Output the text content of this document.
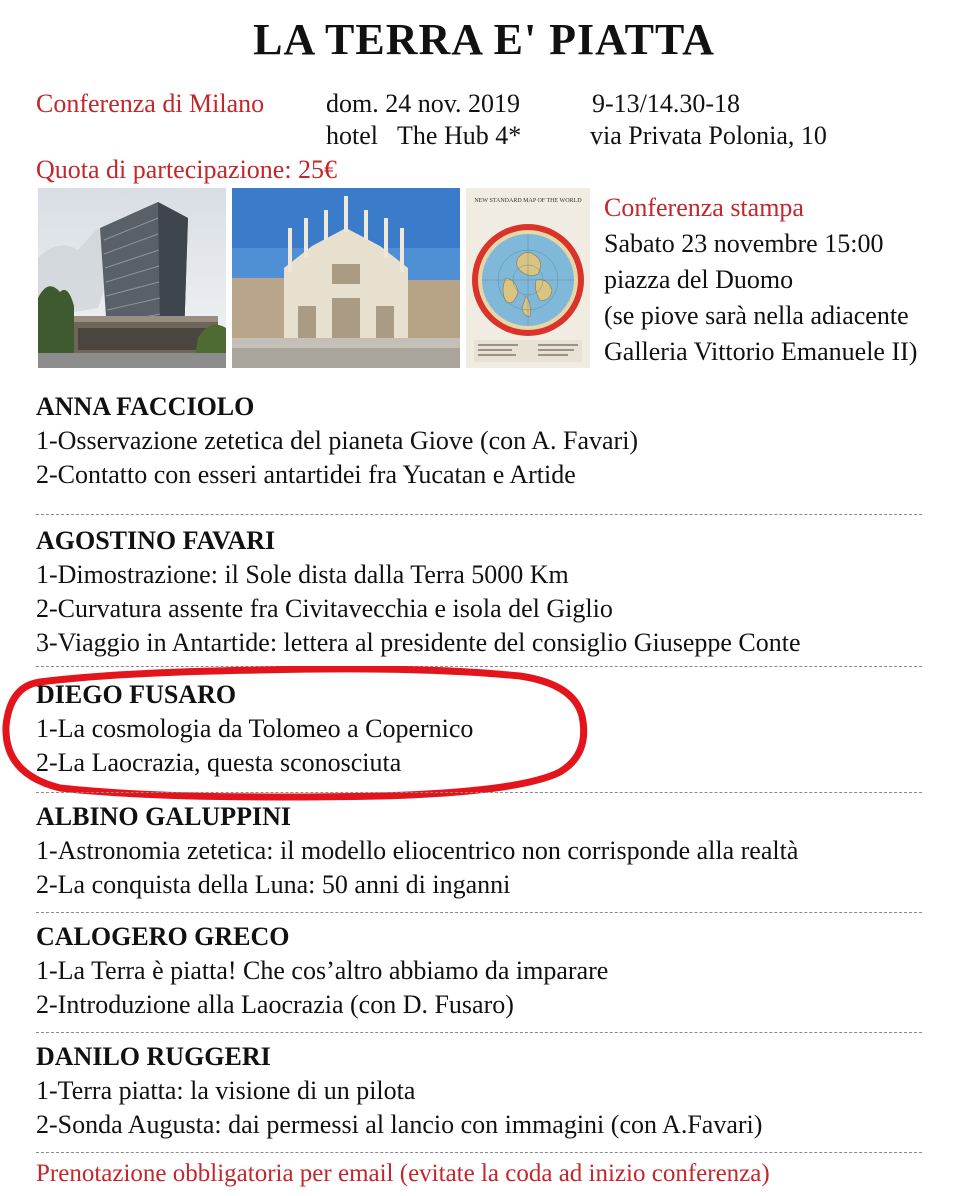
LA TERRA E' PIATTA
Conferenza di Milano dom. 24 nov. 2019	9-13/14.30-18
hotel   The Hub 4*	via Privata Polonia, 10
Quota di partecipazione: 25€
NEW STANDARD MAP OF THE WORLD Conferenza stampa
Sabato 23 novembre 15:00
piazza del Duomo
(se piove sarà nella adiacente
Galleria Vittorio Emanuele II)
ANNA FACCIOLO
1-Osservazione zetetica del pianeta Giove (con A. Favari)
2-Contatto con esseri antartidei fra Yucatan e Artide
AGOSTINO FAVARI
1-Dimostrazione: il Sole dista dalla Terra 5000 Km
2-Curvatura assente fra Civitavecchia e isola del Giglio
3-Viaggio in Antartide: lettera al presidente del consiglio Giuseppe Conte
DIEGO FUSARO
1-La cosmologia da Tolomeo a Copernico
2-La Laocrazia, questa sconosciuta
ALBINO GALUPPINI
1-Astronomia zetetica: il modello eliocentrico non corrisponde alla realtà
2-La conquista della Luna: 50 anni di inganni
CALOGERO GRECO
1-La Terra è piatta! Che cos’altro abbiamo da imparare
2-Introduzione alla Laocrazia (con D. Fusaro)
DANILO RUGGERI
1-Terra piatta: la visione di un pilota
2-Sonda Augusta: dai permessi al lancio con immagini (con A.Favari)
Prenotazione obbligatoria per email (evitate la coda ad inizio conferenza)
